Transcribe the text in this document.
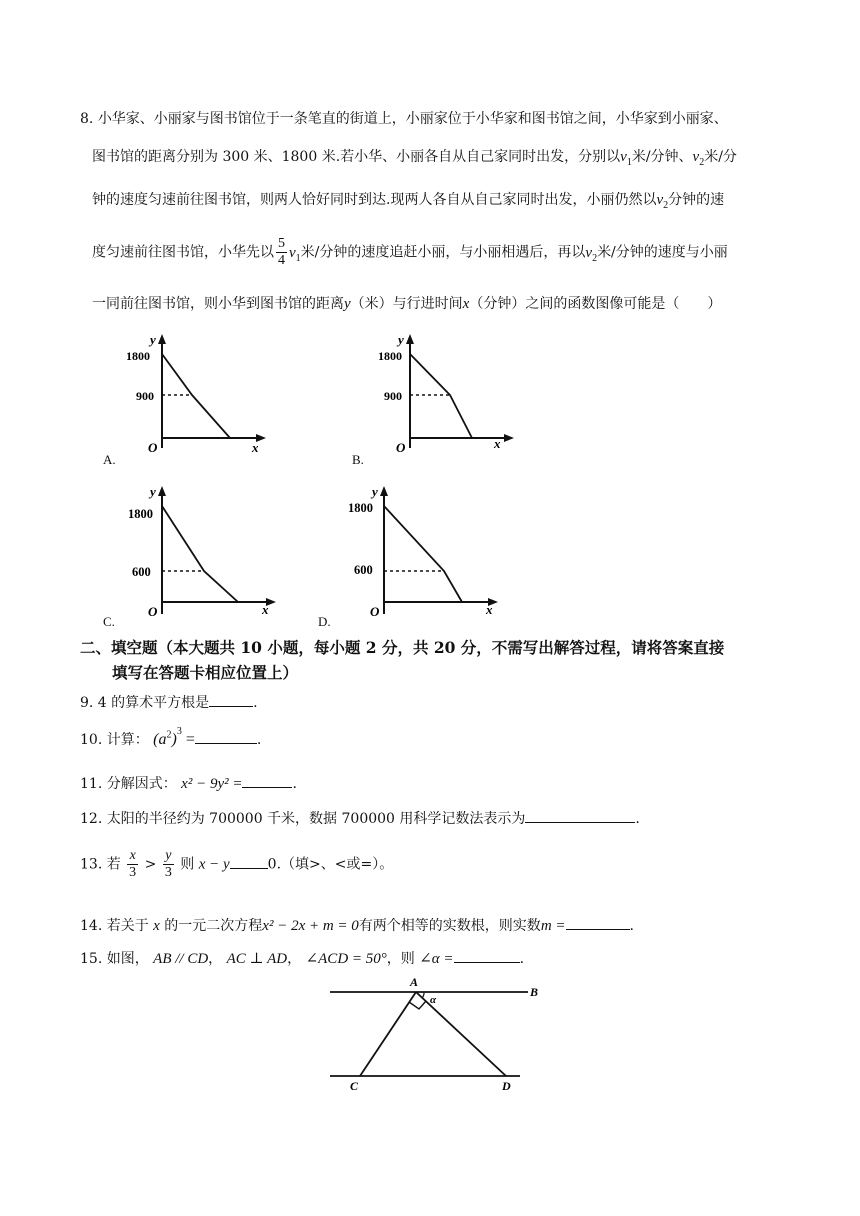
8. 小华家、小丽家与图书馆位于一条笔直的街道上，小丽家位于小华家和图书馆之间，小华家到小丽家、
图书馆的距离分别为 300 米、1800 米.若小华、小丽各自从自己家同时出发，分别以$v_1$米/分钟、$v_2$米/分
钟的速度匀速前往图书馆，则两人恰好同时到达.现两人各自从自己家同时出发，小丽仍然以$v_2$分钟的速
度匀速前往图书馆，小华先以 $\frac{5}{4} v_1$米/分钟的速度追赶小丽，与小丽相遇后，再以$v_2$米/分钟的速度与小丽
一同前往图书馆，则小华到图书馆的距离y（米）与行进时间x（分钟）之间的函数图像可能是（　　）
y
1800
900
O	x
A.
y
1800
900
O	x
B.
y
1800
600
O	x
C.
y
1800
600
O	x
D.
二、填空题（本大题共 10 小题，每小题 2 分，共 20 分，不需写出解答过程，请将答案直接
填写在答题卡相应位置上）
9. 4 的算术平方根是	.
10. 计算： $(a^2)^3$ =	.
11. 分解因式： x² − 9y² =	.
12. 太阳的半径约为 700000 千米，数据 700000 用科学记数法表示为	.
13. 若 $\frac{x}{3} > \frac{y}{3}$ 则 x − y	0.（填>、<或=）。
14. 若关于 x 的一元二次方程x² − 2x + m = 0有两个相等的实数根，则实数m =	.
15. 如图， AB // CD， AC ⊥ AD， ∠ACD = 50°，则 ∠α =	.
A
B
C	D
α
